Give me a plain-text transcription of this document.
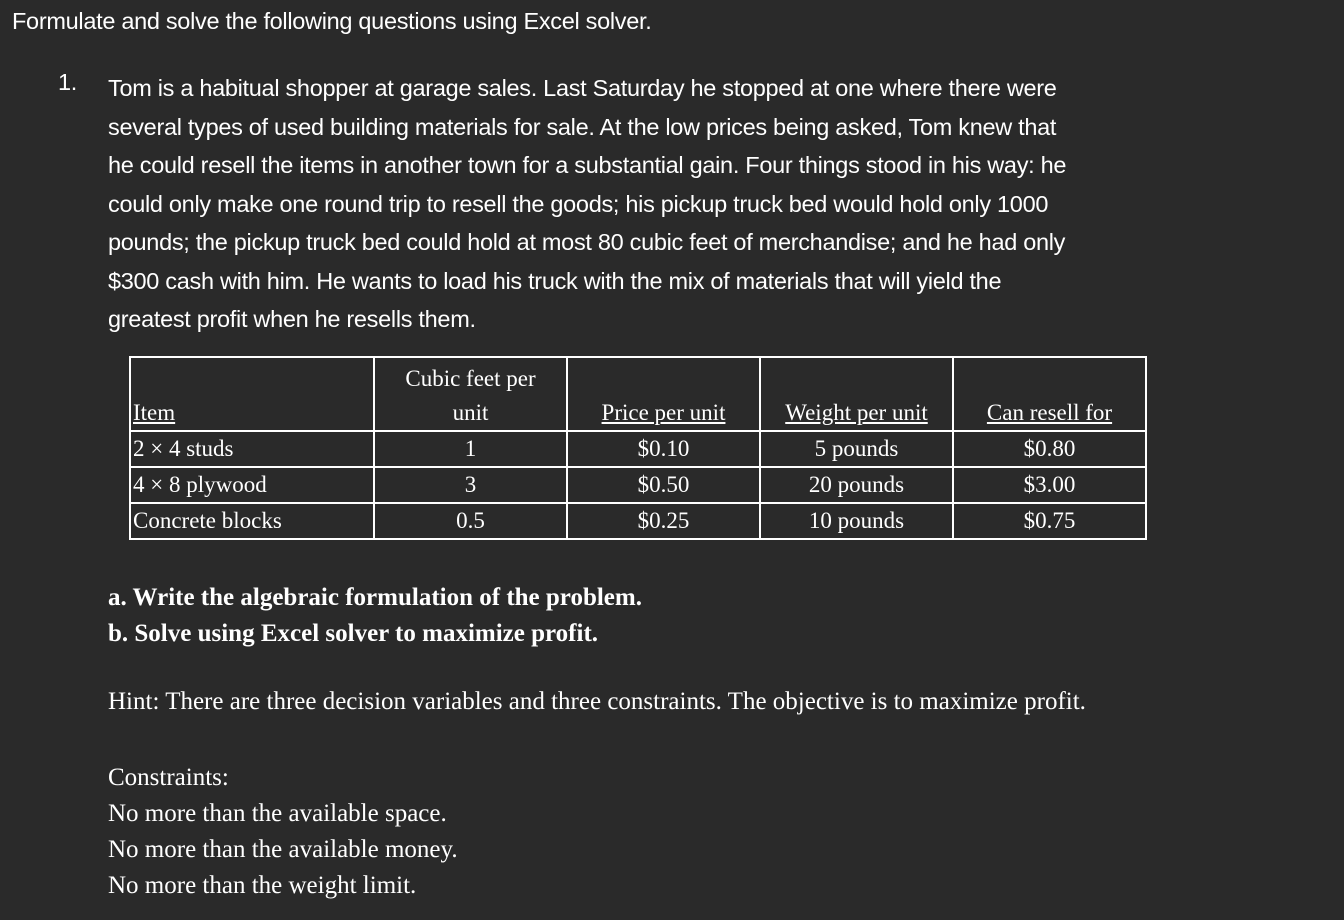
Formulate and solve the following questions using Excel solver.
1. Tom is a habitual shopper at garage sales. Last Saturday he stopped at one where there were
several types of used building materials for sale. At the low prices being asked, Tom knew that
he could resell the items in another town for a substantial gain. Four things stood in his way: he
could only make one round trip to resell the goods; his pickup truck bed would hold only 1000
pounds; the pickup truck bed could hold at most 80 cubic feet of merchandise; and he had only
$300 cash with him. He wants to load his truck with the mix of materials that will yield the
greatest profit when he resells them.
Item	Cubic feet per unit	Price per unit	Weight per unit	Can resell for
2 × 4 studs	1	$0.10	5 pounds	$0.80
4 × 8 plywood	3	$0.50	20 pounds	$3.00
Concrete blocks	0.5	$0.25	10 pounds	$0.75
a. Write the algebraic formulation of the problem.
b. Solve using Excel solver to maximize profit.
Hint: There are three decision variables and three constraints. The objective is to maximize profit.
Constraints:
No more than the available space.
No more than the available money.
No more than the weight limit.
